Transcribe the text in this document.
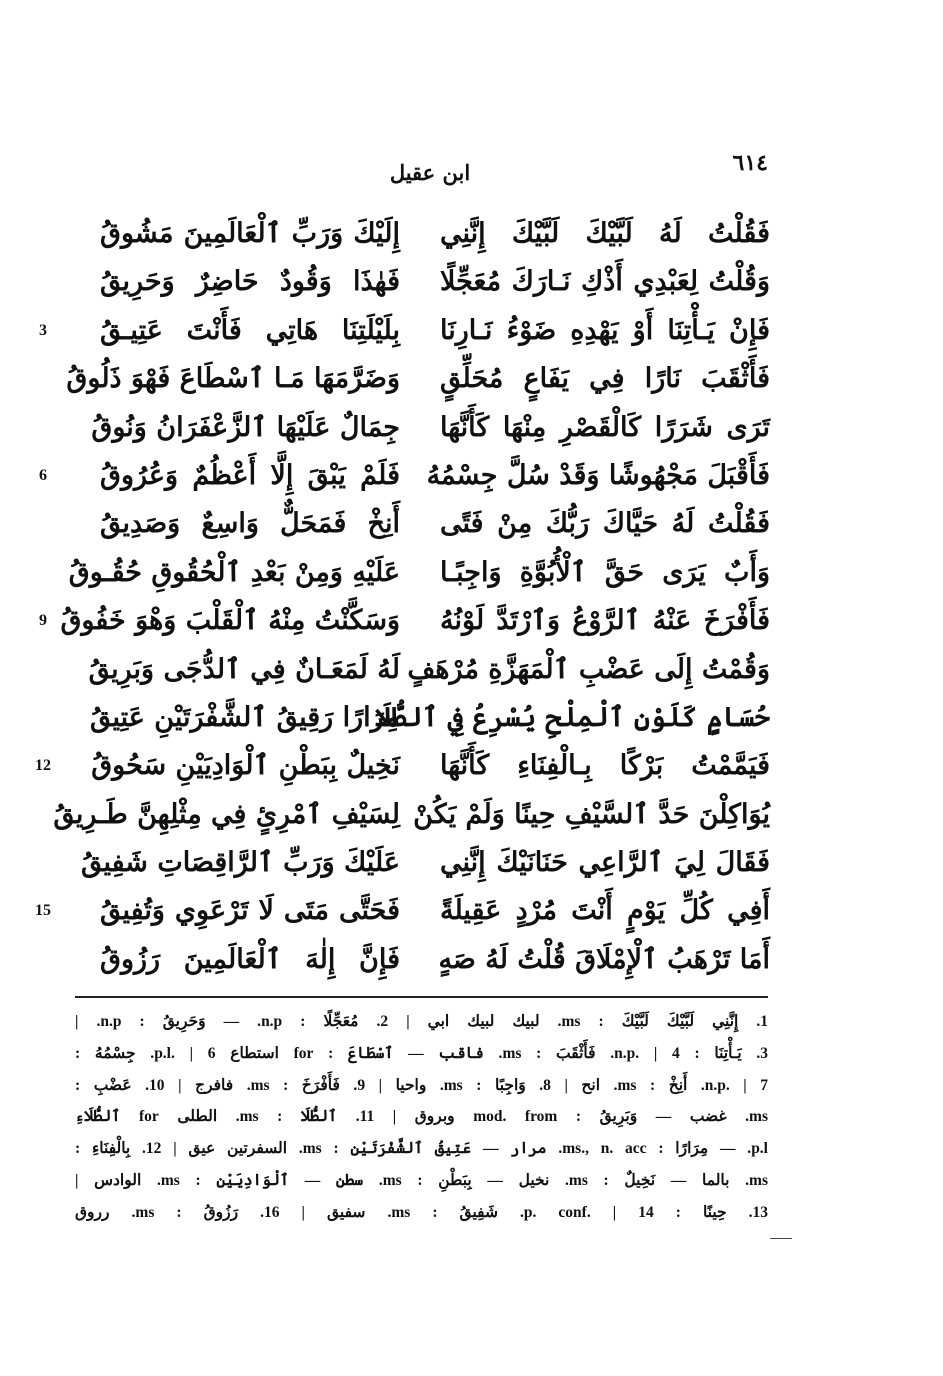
٦١٤
ابن عقيل
فَقُلْتُ لَهُ لَبَّيْكَ لَبَّيْكَ إِنَّنِي
إِلَيْكَ وَرَبِّ ٱلْعَالَمِينَ مَشُوقُ
وَقُلْتُ لِعَبْدِي أَذْكِ نَـارَكَ مُعَجِّلًا
فَهٰذَا وَقُودٌ حَاضِرٌ وَحَرِيقُ
فَإِنْ يَـأْتِنَا أَوْ يَهْدِهِ ضَوْءُ نَـارِنَا
بِلَيْلَتِنَا هَاتِي فَأَنْتَ عَتِيـقُ
3
فَأَثْقَبَ نَارًا فِي يَفَاعٍ مُحَلِّقٍ
وَضَرَّمَهَا مَـا ٱسْطَاعَ فَهْوَ ذَلُوقُ
تَرَى شَرَرًا كَالْقَصْرِ مِنْهَا كَأَنَّهَا
جِمَالٌ عَلَيْهَا ٱلزَّعْفَرَانُ وَنُوقُ
فَأَقْبَلَ مَجْهُوشًا وَقَدْ سُلَّ جِسْمُهُ
فَلَمْ يَبْقَ إِلَّا أَعْظُمٌ وَعُرُوقُ
6
فَقُلْتُ لَهُ حَيَّاكَ رَبُّكَ مِنْ فَتًى
أَنِخْ فَمَحَلٌّ وَاسِعٌ وَصَدِيقُ
وَأَبٌ يَرَى حَقَّ ٱلْأُبُوَّةِ وَاجِبًـا
عَلَيْهِ وَمِنْ بَعْدِ ٱلْحُقُوقِ حُقُـوقُ
فَأَفْرَخَ عَنْهُ ٱلرَّوْعُ وَٱرْتَدَّ لَوْنُهُ
وَسَكَّنْتُ مِنْهُ ٱلْقَلْبَ وَهْوَ خَفُوقُ
9
وَقُمْتُ إِلَى عَضْبِ ٱلْمَهَزَّةِ مُرْهَفٍ
لَهُ لَمَعَـانٌ فِي ٱلدُّجَى وَبَرِيقُ
حُسَامٍ كَلَوْنِ ٱلْمِلْحِ يُسْرِعُ فِي ٱلطُّلَا
مِرَارًا رَقِيقُ ٱلشَّفْرَتَيْنِ عَتِيقُ
فَيَمَّمْتُ بَرْكًا بِـالْفِنَاءِ كَأَنَّهَا
نَخِيلٌ بِبَطْنِ ٱلْوَادِيَيْنِ سَحُوقُ
12
يُوَاكِلْنَ حَدَّ ٱلسَّيْفِ حِينًا وَلَمْ يَكُنْ
لِسَيْفِ ٱمْرِئٍ فِي مِثْلِهِنَّ طَـرِيقُ
فَقَالَ لِيَ ٱلرَّاعِي حَنَانَيْكَ إِنَّنِي
عَلَيْكَ وَرَبِّ ٱلرَّاقِصَاتِ شَفِيقُ
أَفِي كُلِّ يَوْمٍ أَنْتَ مُرْدٍ عَقِيلَةً
فَحَتَّى مَتَى لَا تَرْعَوِي وَتُفِيقُ
15
أَمَا تَرْهَبُ ٱلْإِمْلَاقَ قُلْتُ لَهُ صَهٍ
فَإِنَّ إِلٰهَ ٱلْعَالَمِينَ رَزُوقُ
1. إِنَّنِي لَبَّيْكَ لَبَّيْكَ : ms. لبيك لبيك ابي | 2. مُعَجِّلًا : n.p. — وَحَرِيقُ : n.p. |
3. يَـأْتِنَا : n.p. | 4. فَأَثْقَبَ : ms. فاقب — ٱسْطَاعَ : for استطاع p.l. | 6. جِسْمُهُ :
n.p. | 7. أَنِخْ : ms. انح | 8. وَاجِبًا : ms. واحيا | 9. فَأَفْرَخَ : ms. فافرج | 10. عَضْبِ :
ms. غضب — وَبَرِيقُ : mod. from وبروق | 11. ٱلطُّلَا : ms. الطلى for ٱلطُّلَاءِ
p.l. — مِرَارًا : ms., n. acc. مرار — عَتِيقُ ٱلشَّفْرَتَيْنِ : ms. السفرتين عيق | 12. بِالْفِنَاءِ :
ms. بالما — نَخِيلٌ : ms. نخيل — بِبَطْنِ : ms. سطن — ٱلْوَادِيَيْنِ : ms. الوادس |
13. حِينًا : p. conf. | 14. شَفِيقُ : ms. سفيق | 16. رَزُوقُ : ms. رروق
